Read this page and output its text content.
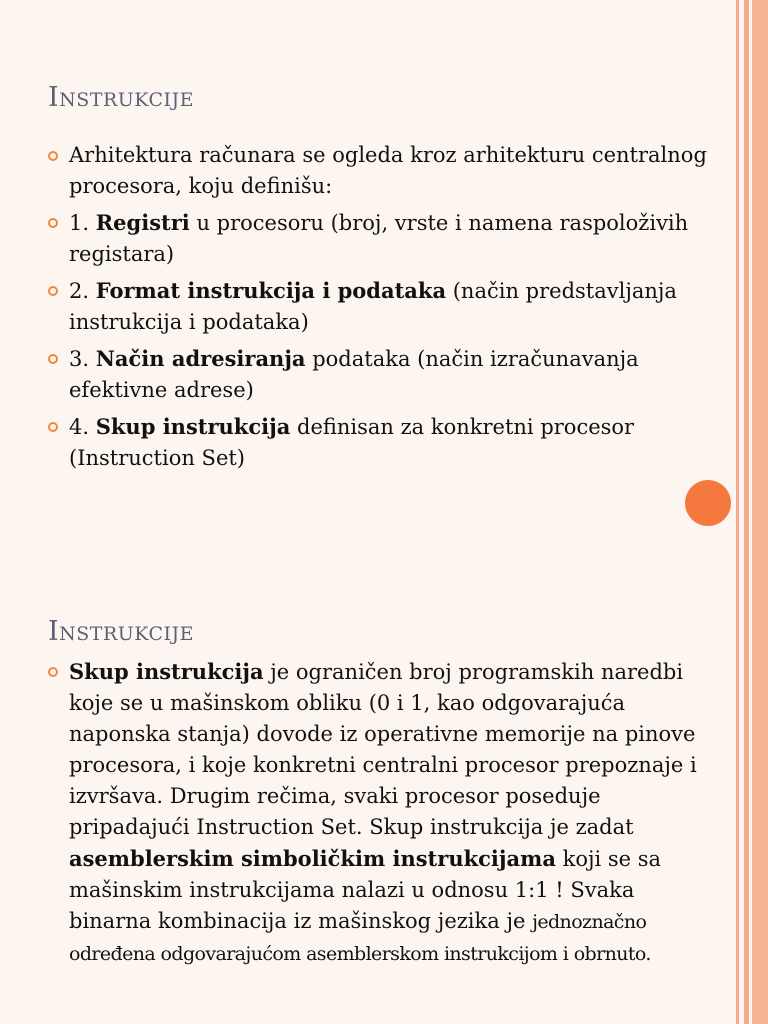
Instrukcije
Arhitektura računara se ogleda kroz arhitekturu centralnog procesora, koju definišu:
1. Registri u procesoru (broj, vrste i namena raspoloživih registara)
2. Format instrukcija i podataka (način predstavljanja instrukcija i podataka)
3. Način adresiranja podataka (način izračunavanja efektivne adrese)
4. Skup instrukcija definisan za konkretni procesor (Instruction Set)
Instrukcije
Skup instrukcija je ograničen broj programskih naredbi koje se u mašinskom obliku (0 i 1, kao odgovarajuća naponska stanja) dovode iz operativne memorije na pinove procesora, i koje konkretni centralni procesor prepoznaje i izvršava. Drugim rečima, svaki procesor poseduje pripadajući Instruction Set. Skup instrukcija je zadat asemblerskim simboličkim instrukcijama koji se sa mašinskim instrukcijama nalazi u odnosu 1:1 ! Svaka binarna kombinacija iz mašinskog jezika je jednoznačno određena odgovarajućom asemblerskom instrukcijom i obrnuto.
